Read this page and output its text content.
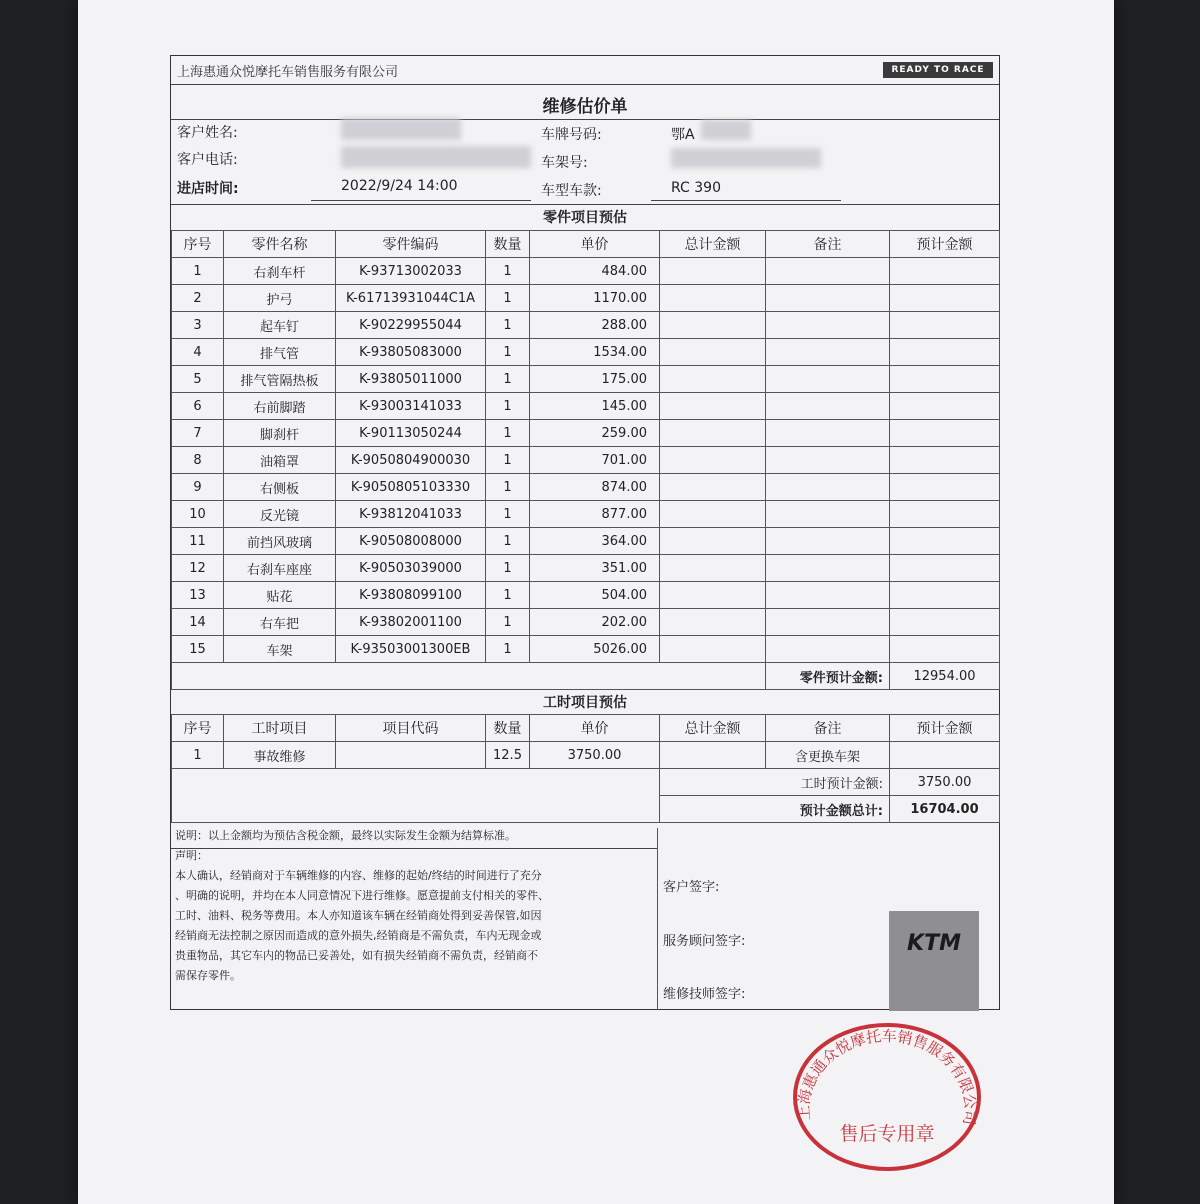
上海惠通众悦摩托车销售服务有限公司	READY TO RACE
维修估价单
客户姓名:
客户电话:
进店时间:	2022/9/24 14:00
车牌号码:	鄂A
车架号:
车型车款:	RC 390
零件项目预估
序号	零件名称	零件编码	数量	单价	总计金额	备注	预计金额
1	右刹车杆	K-93713002033	1	484.00			
2	护弓	K-61713931044C1A	1	1170.00			
3	起车钉	K-90229955044	1	288.00			
4	排气管	K-93805083000	1	1534.00			
5	排气管隔热板	K-93805011000	1	175.00			
6	右前脚踏	K-93003141033	1	145.00			
7	脚刹杆	K-90113050244	1	259.00			
8	油箱罩	K-9050804900030	1	701.00			
9	右侧板	K-9050805103330	1	874.00			
10	反光镜	K-93812041033	1	877.00			
11	前挡风玻璃	K-90508008000	1	364.00			
12	右刹车座座	K-90503039000	1	351.00			
13	贴花	K-93808099100	1	504.00			
14	右车把	K-93802001100	1	202.00			
15	车架	K-93503001300EB	1	5026.00			
						零件预计金额:	12954.00
工时项目预估
序号	工时项目	项目代码	数量	单价	总计金额	备注	预计金额
1	事故维修		12.5	3750.00		含更换车架	
					工时预计金额:		3750.00
					预计金额总计:		16704.00
说明：以上金额均为预估含税金额，最终以实际发生金额为结算标准。
声明：
本人确认，经销商对于车辆维修的内容、维修的起始/终结的时间进行了充分
、明确的说明，并均在本人同意情况下进行维修。愿意提前支付相关的零件、
工时、油料、税务等费用。本人亦知道该车辆在经销商处得到妥善保管,如因
经销商无法控制之原因而造成的意外损失,经销商是不需负责，车内无现金或
贵重物品，其它车内的物品已妥善处，如有损失经销商不需负责，经销商不
需保存零件。
客户签字:
服务顾问签字:
维修技师签字:
KTM
上海惠通众悦摩托车销售服务有限公司
售后专用章
